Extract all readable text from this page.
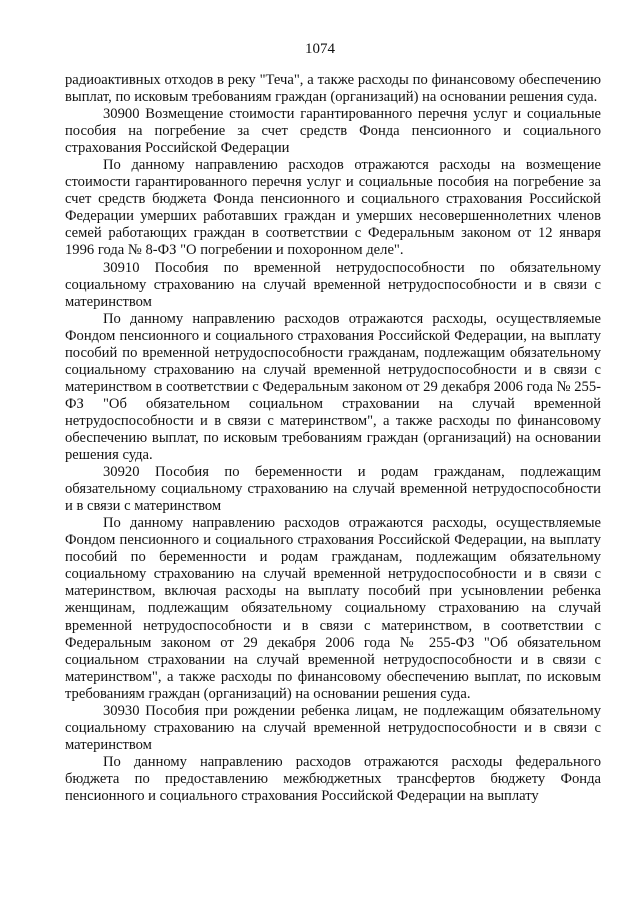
1074

радиоактивных отходов в реку "Теча", а также расходы по финансовому обеспечению выплат, по исковым требованиям граждан (организаций) на основании решения суда.

30900 Возмещение стоимости гарантированного перечня услуг и социальные пособия на погребение за счет средств Фонда пенсионного и социального страхования Российской Федерации

По данному направлению расходов отражаются расходы на возмещение стоимости гарантированного перечня услуг и социальные пособия на погребение за счет средств бюджета Фонда пенсионного и социального страхования Российской Федерации умерших работавших граждан и умерших несовершеннолетних членов семей работающих граждан в соответствии с Федеральным законом от 12 января 1996 года № 8-ФЗ "О погребении и похоронном деле".

30910 Пособия по временной нетрудоспособности по обязательному социальному страхованию на случай временной нетрудоспособности и в связи с материнством

По данному направлению расходов отражаются расходы, осуществляемые Фондом пенсионного и социального страхования Российской Федерации, на выплату пособий по временной нетрудоспособности гражданам, подлежащим обязательному социальному страхованию на случай временной нетрудоспособности и в связи с материнством в соответствии с Федеральным законом от 29 декабря 2006 года № 255-ФЗ "Об обязательном социальном страховании на случай временной нетрудоспособности и в связи с материнством", а также расходы по финансовому обеспечению выплат, по исковым требованиям граждан (организаций) на основании решения суда.

30920 Пособия по беременности и родам гражданам, подлежащим обязательному социальному страхованию на случай временной нетрудоспособности и в связи с материнством

По данному направлению расходов отражаются расходы, осуществляемые Фондом пенсионного и социального страхования Российской Федерации, на выплату пособий по беременности и родам гражданам, подлежащим обязательному социальному страхованию на случай временной нетрудоспособности и в связи с материнством, включая расходы на выплату пособий при усыновлении ребенка женщинам, подлежащим обязательному социальному страхованию на случай временной нетрудоспособности и в связи с материнством, в соответствии с Федеральным законом от 29 декабря 2006 года № 255-ФЗ "Об обязательном социальном страховании на случай временной нетрудоспособности и в связи с материнством", а также расходы по финансовому обеспечению выплат, по исковым требованиям граждан (организаций) на основании решения суда.

30930 Пособия при рождении ребенка лицам, не подлежащим обязательному социальному страхованию на случай временной нетрудоспособности и в связи с материнством

По данному направлению расходов отражаются расходы федерального бюджета по предоставлению межбюджетных трансфертов бюджету Фонда пенсионного и социального страхования Российской Федерации на выплату
